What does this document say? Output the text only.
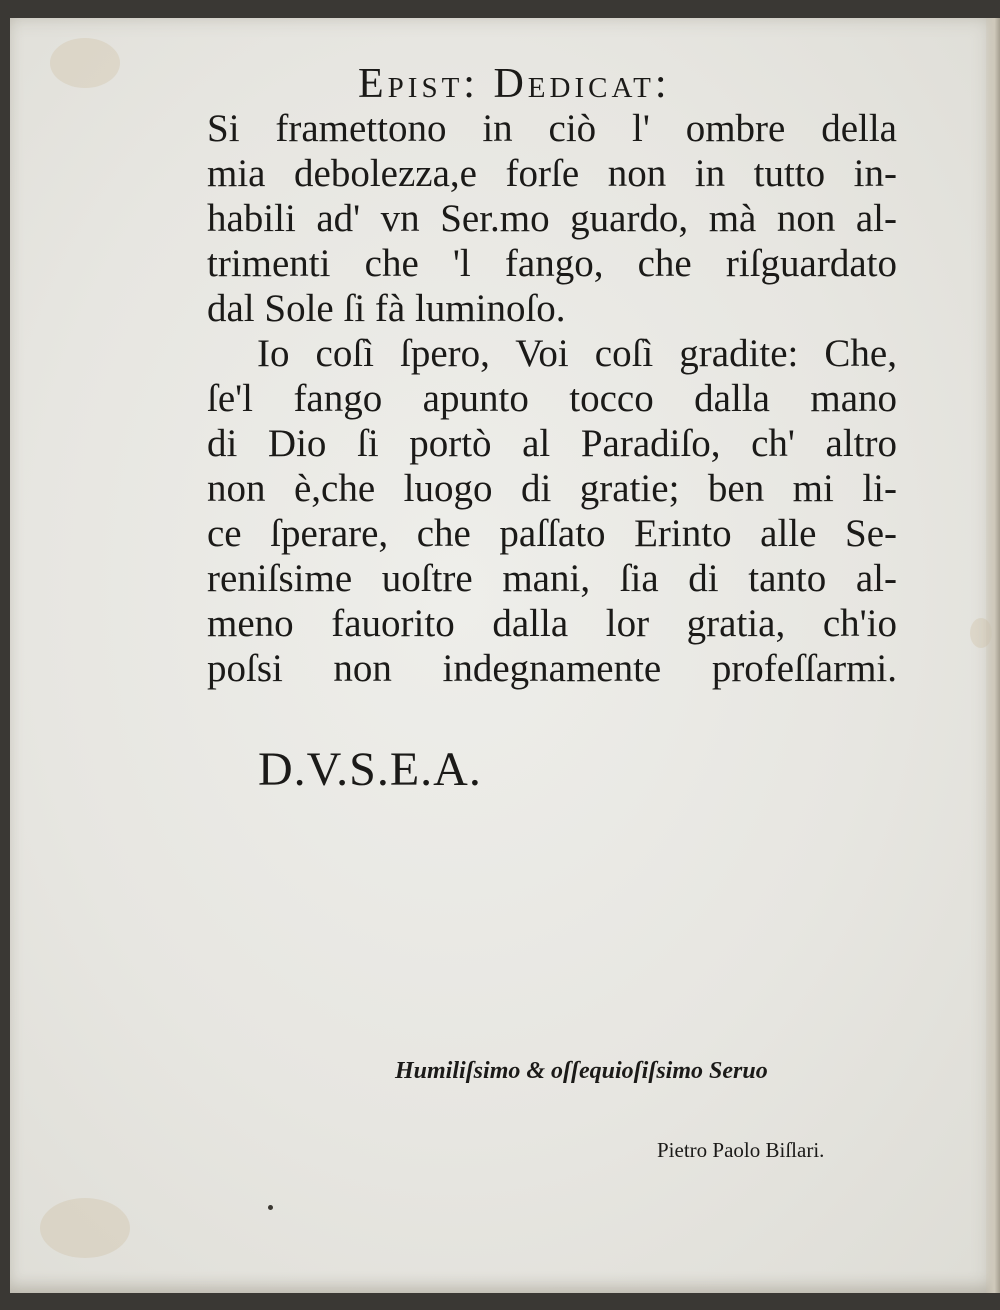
Epist: Dedicat:
Si framettono in ciò l' ombre della
mia debolezza,e forſe non in tutto in-
habili ad' vn Ser.mo guardo, mà non al-
trimenti che 'l fango, che riſguardato
dal Sole ſi fà luminoſo.
Io coſì ſpero, Voi coſì gradite: Che,
ſe'l fango apunto tocco dalla mano
di Dio ſi portò al Paradiſo, ch' altro
non è,che luogo di gratie; ben mi li-
ce ſperare, che paſſato Erinto alle Se-
reniſsime uoſtre mani, ſia di tanto al-
meno fauorito dalla lor gratia, ch'io
poſsi non indegnamente profeſſarmi.
D.V.S.E.A.
Humiliſsimo & oſſequioſiſsimo Seruo
Pietro Paolo Biſlari.
